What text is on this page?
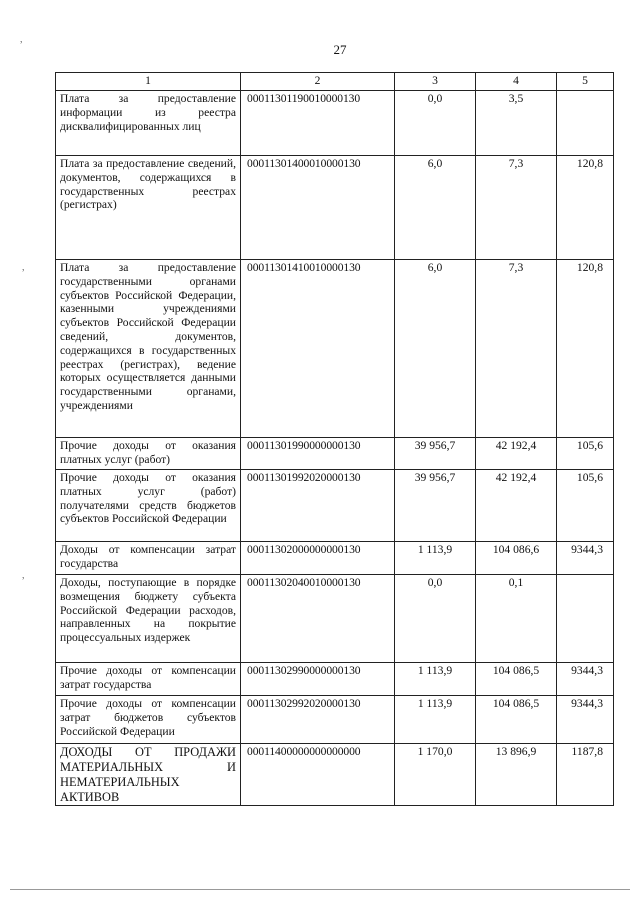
27
,
,
,
1	2	3	4	5
Плата за предоставление информации из реестра дисквалифицированных лиц	00011301190010000130	0,0	3,5	
Плата за предоставление сведений, документов, содержащихся в государственных реестрах (регистрах)	00011301400010000130	6,0	7,3	120,8
Плата за предоставление государственными органами субъектов Российской Федерации, казенными учреждениями субъектов Российской Федерации сведений, документов, содержащихся в государственных реестрах (регистрах), ведение которых осуществляется данными государственными органами, учреждениями	00011301410010000130	6,0	7,3	120,8
Прочие доходы от оказания платных услуг (работ)	00011301990000000130	39 956,7	42 192,4	105,6
Прочие доходы от оказания платных услуг (работ) получателями средств бюджетов субъектов Российской Федерации	00011301992020000130	39 956,7	42 192,4	105,6
Доходы от компенсации затрат государства	00011302000000000130	1 113,9	104 086,6	9344,3
Доходы, поступающие в порядке возмещения бюджету субъекта Российской Федерации расходов, направленных на покрытие процессуальных издержек	00011302040010000130	0,0	0,1	
Прочие доходы от компенсации затрат государства	00011302990000000130	1 113,9	104 086,5	9344,3
Прочие доходы от компенсации затрат бюджетов субъектов Российской Федерации	00011302992020000130	1 113,9	104 086,5	9344,3
ДОХОДЫ ОТ ПРОДАЖИ МАТЕРИАЛЬНЫХ И НЕМАТЕРИАЛЬНЫХ АКТИВОВ	00011400000000000000	1 170,0	13 896,9	1187,8
